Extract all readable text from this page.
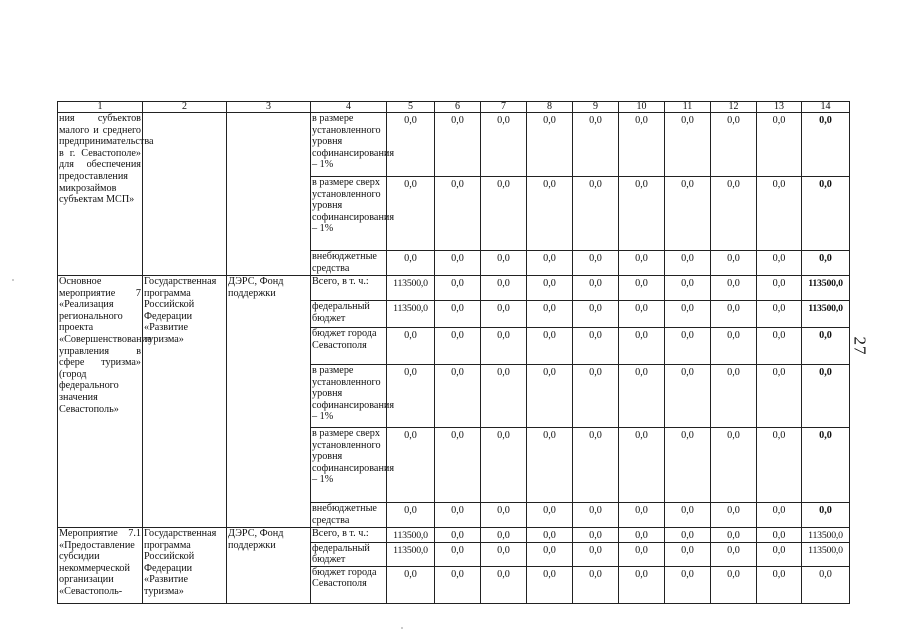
27
1	2	3	4	5	6	7	8	9	10	11	12	13	14
ния субъектов малого и среднего предпринимательства в г. Севастополе» для обеспечения предоставления микрозаймов субъектам МСП»			в размере установленного уровня софинансирования – 1%	0,0	0,0	0,0	0,0	0,0	0,0	0,0	0,0	0,0	0,0
			в размере сверх установленного уровня софинансирования – 1%	0,0	0,0	0,0	0,0	0,0	0,0	0,0	0,0	0,0	0,0
			внебюджетные средства	0,0	0,0	0,0	0,0	0,0	0,0	0,0	0,0	0,0	0,0
Основное мероприятие 7 «Реализация регионального проекта «Совершенствование управления в сфере туризма» (город федерального значения Севастополь»	Государственная программа Российской Федерации «Развитие туризма»	ДЭРС, Фонд поддержки	Всего, в т. ч.:	113500,0	0,0	0,0	0,0	0,0	0,0	0,0	0,0	0,0	113500,0
			федеральный бюджет	113500,0	0,0	0,0	0,0	0,0	0,0	0,0	0,0	0,0	113500,0
			бюджет города Севастополя	0,0	0,0	0,0	0,0	0,0	0,0	0,0	0,0	0,0	0,0
			в размере установленного уровня софинансирования – 1%	0,0	0,0	0,0	0,0	0,0	0,0	0,0	0,0	0,0	0,0
			в размере сверх установленного уровня софинансирования – 1%	0,0	0,0	0,0	0,0	0,0	0,0	0,0	0,0	0,0	0,0
			внебюджетные средства	0,0	0,0	0,0	0,0	0,0	0,0	0,0	0,0	0,0	0,0
Мероприятие 7.1 «Предоставление субсидии некоммерческой организации «Севастополь-	Государственная программа Российской Федерации «Развитие туризма»	ДЭРС, Фонд поддержки	Всего, в т. ч.:	113500,0	0,0	0,0	0,0	0,0	0,0	0,0	0,0	0,0	113500,0
			федеральный бюджет	113500,0	0,0	0,0	0,0	0,0	0,0	0,0	0,0	0,0	113500,0
			бюджет города Севастополя	0,0	0,0	0,0	0,0	0,0	0,0	0,0	0,0	0,0	0,0
